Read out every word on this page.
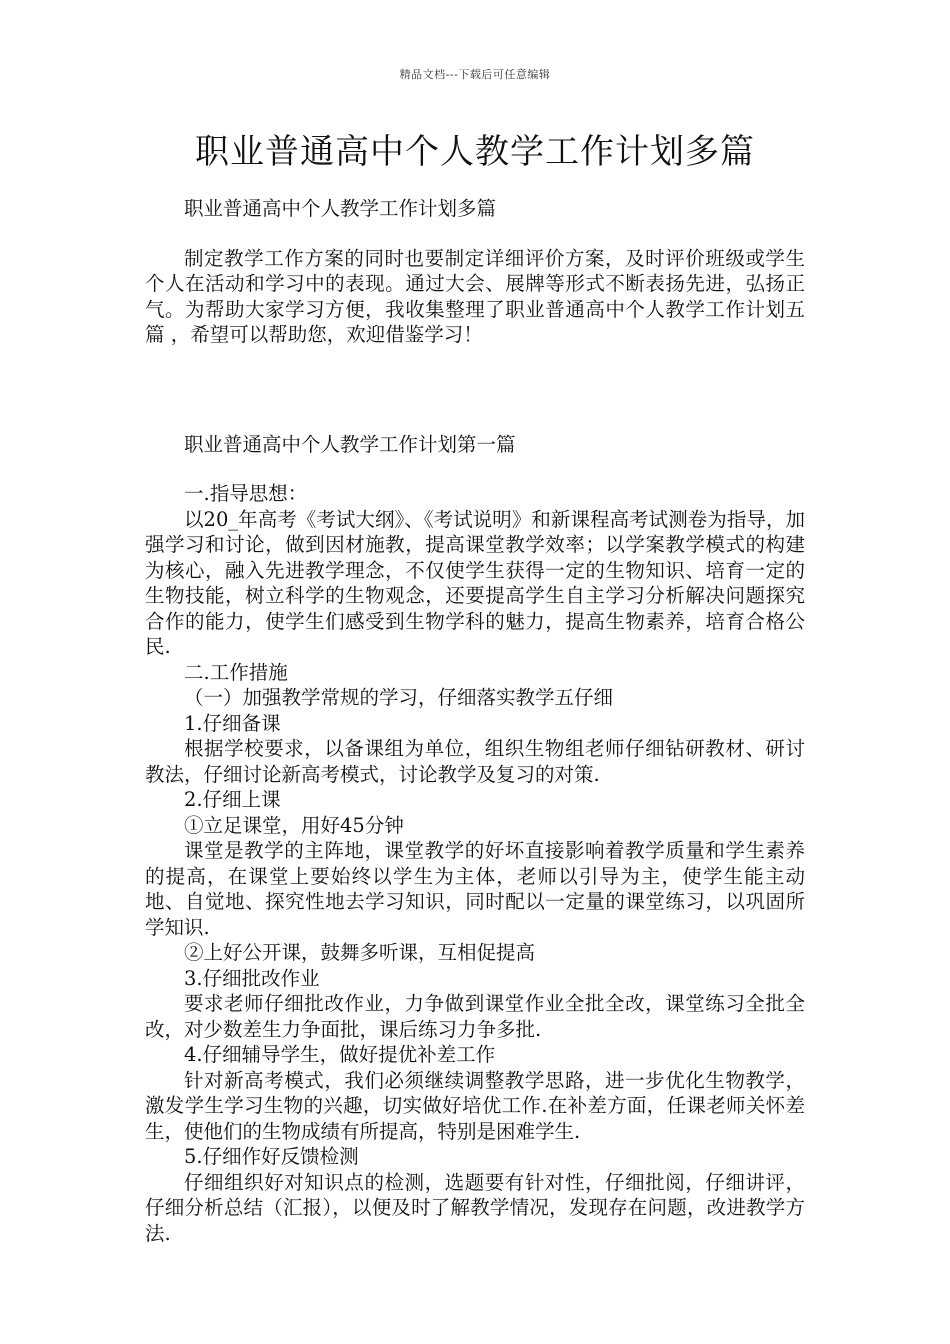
精品文档---下载后可任意编辑
职业普通高中个人教学工作计划多篇

职业普通高中个人教学工作计划多篇

制定教学工作方案的同时也要制定详细评价方案，及时评价班级或学生个人在活动和学习中的表现。通过大会、展牌等形式不断表扬先进，弘扬正气。为帮助大家学习方便，我收集整理了职业普通高中个人教学工作计划五篇 ，希望可以帮助您，欢迎借鉴学习！

职业普通高中个人教学工作计划第一篇

一.指导思想：

以20_年高考《考试大纲》、《考试说明》和新课程高考试测卷为指导，加强学习和讨论，做到因材施教，提高课堂教学效率；以学案教学模式的构建为核心，融入先进教学理念，不仅使学生获得一定的生物知识、培育一定的生物技能，树立科学的生物观念，还要提高学生自主学习分析解决问题探究合作的能力，使学生们感受到生物学科的魅力，提高生物素养，培育合格公民.

二.工作措施

（一）加强教学常规的学习，仔细落实教学五仔细

1.仔细备课

根据学校要求，以备课组为单位，组织生物组老师仔细钻研教材、研讨教法，仔细讨论新高考模式，讨论教学及复习的对策.

2.仔细上课

①立足课堂，用好45分钟

课堂是教学的主阵地，课堂教学的好坏直接影响着教学质量和学生素养的提高，在课堂上要始终以学生为主体，老师以引导为主，使学生能主动地、自觉地、探究性地去学习知识，同时配以一定量的课堂练习，以巩固所学知识.

②上好公开课，鼓舞多听课，互相促提高

3.仔细批改作业

要求老师仔细批改作业，力争做到课堂作业全批全改，课堂练习全批全改，对少数差生力争面批，课后练习力争多批.

4.仔细辅导学生，做好提优补差工作

针对新高考模式，我们必须继续调整教学思路，进一步优化生物教学，激发学生学习生物的兴趣，切实做好培优工作.在补差方面，任课老师关怀差生，使他们的生物成绩有所提高，特别是困难学生.

5.仔细作好反馈检测

仔细组织好对知识点的检测，选题要有针对性，仔细批阅，仔细讲评，仔细分析总结（汇报），以便及时了解教学情况，发现存在问题，改进教学方法.
